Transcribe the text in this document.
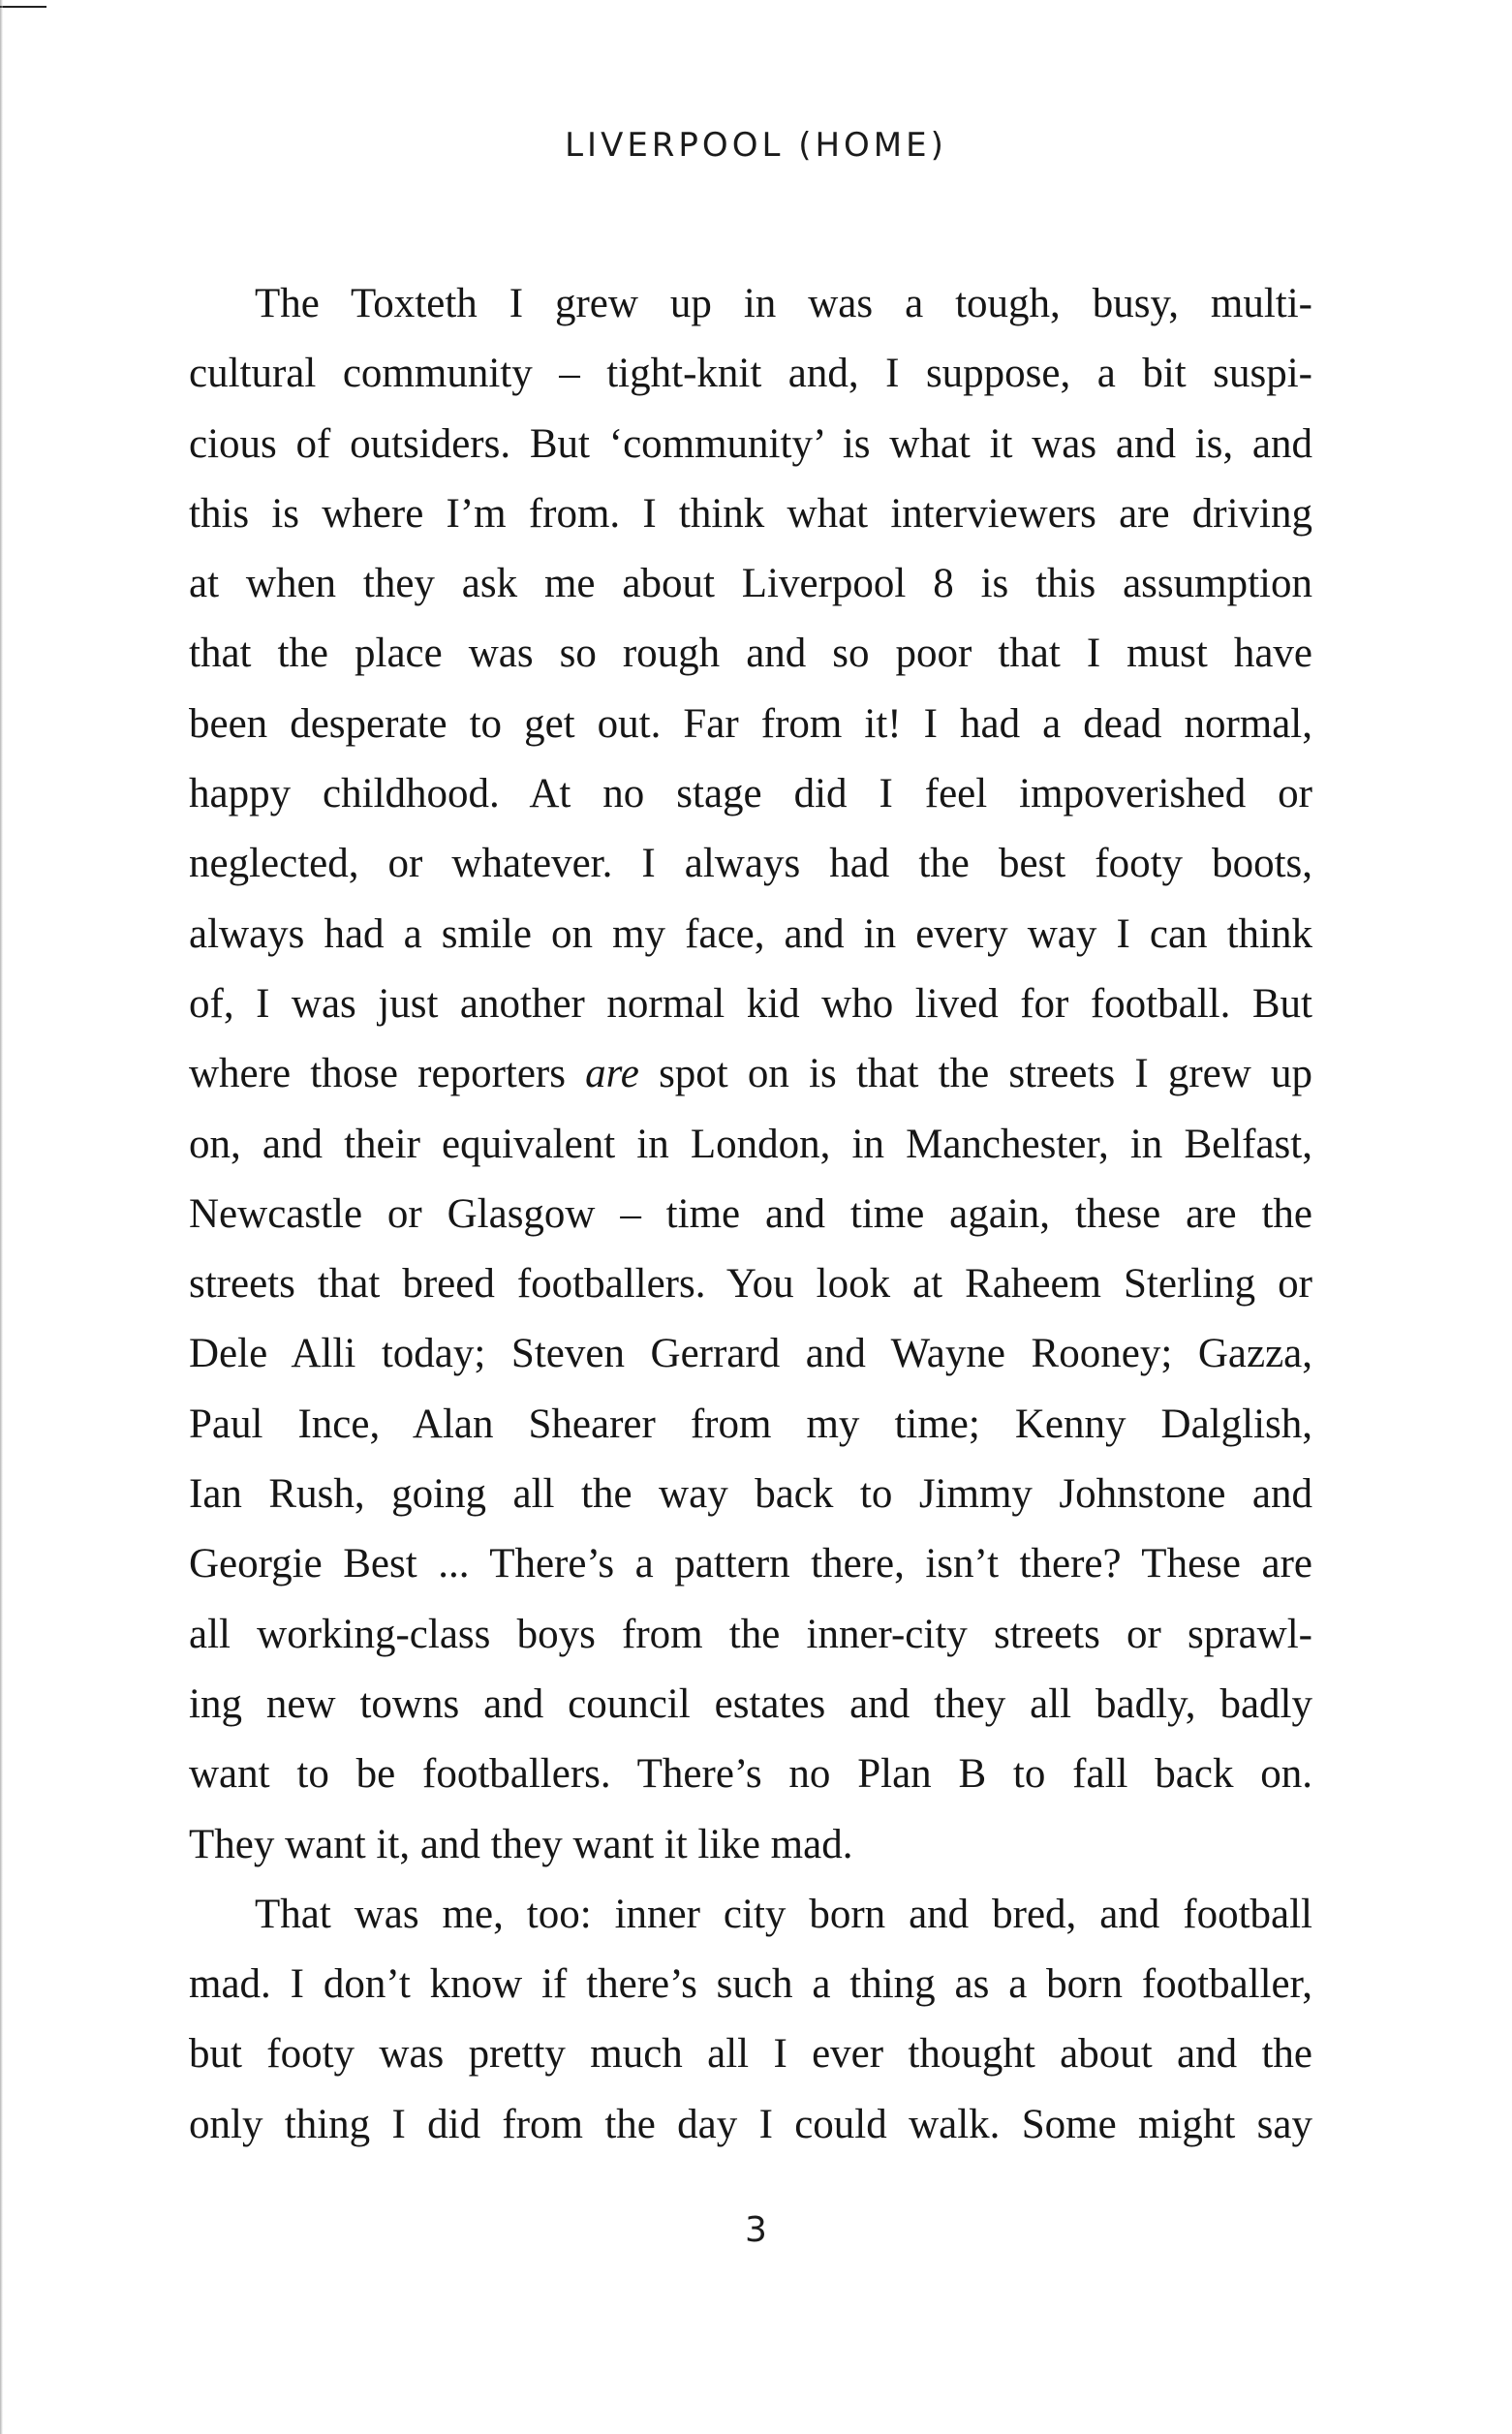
LIVERPOOL (HOME)
The Toxteth I grew up in was a tough, busy, multi-
cultural community – tight-knit and, I suppose, a bit suspi-
cious of outsiders. But ‘community’ is what it was and is, and
this is where I’m from. I think what interviewers are driving
at when they ask me about Liverpool 8 is this assumption
that the place was so rough and so poor that I must have
been desperate to get out. Far from it! I had a dead normal,
happy childhood. At no stage did I feel impoverished or
neglected, or whatever. I always had the best footy boots,
always had a smile on my face, and in every way I can think
of, I was just another normal kid who lived for football. But
where those reporters are spot on is that the streets I grew up
on, and their equivalent in London, in Manchester, in Belfast,
Newcastle or Glasgow – time and time again, these are the
streets that breed footballers. You look at Raheem Sterling or
Dele Alli today; Steven Gerrard and Wayne Rooney; Gazza,
Paul Ince, Alan Shearer from my time; Kenny Dalglish,
Ian Rush, going all the way back to Jimmy Johnstone and
Georgie Best ... There’s a pattern there, isn’t there? These are
all working-class boys from the inner-city streets or sprawl-
ing new towns and council estates and they all badly, badly
want to be footballers. There’s no Plan B to fall back on.
They want it, and they want it like mad.
That was me, too: inner city born and bred, and football
mad. I don’t know if there’s such a thing as a born footballer,
but footy was pretty much all I ever thought about and the
only thing I did from the day I could walk. Some might say
3
